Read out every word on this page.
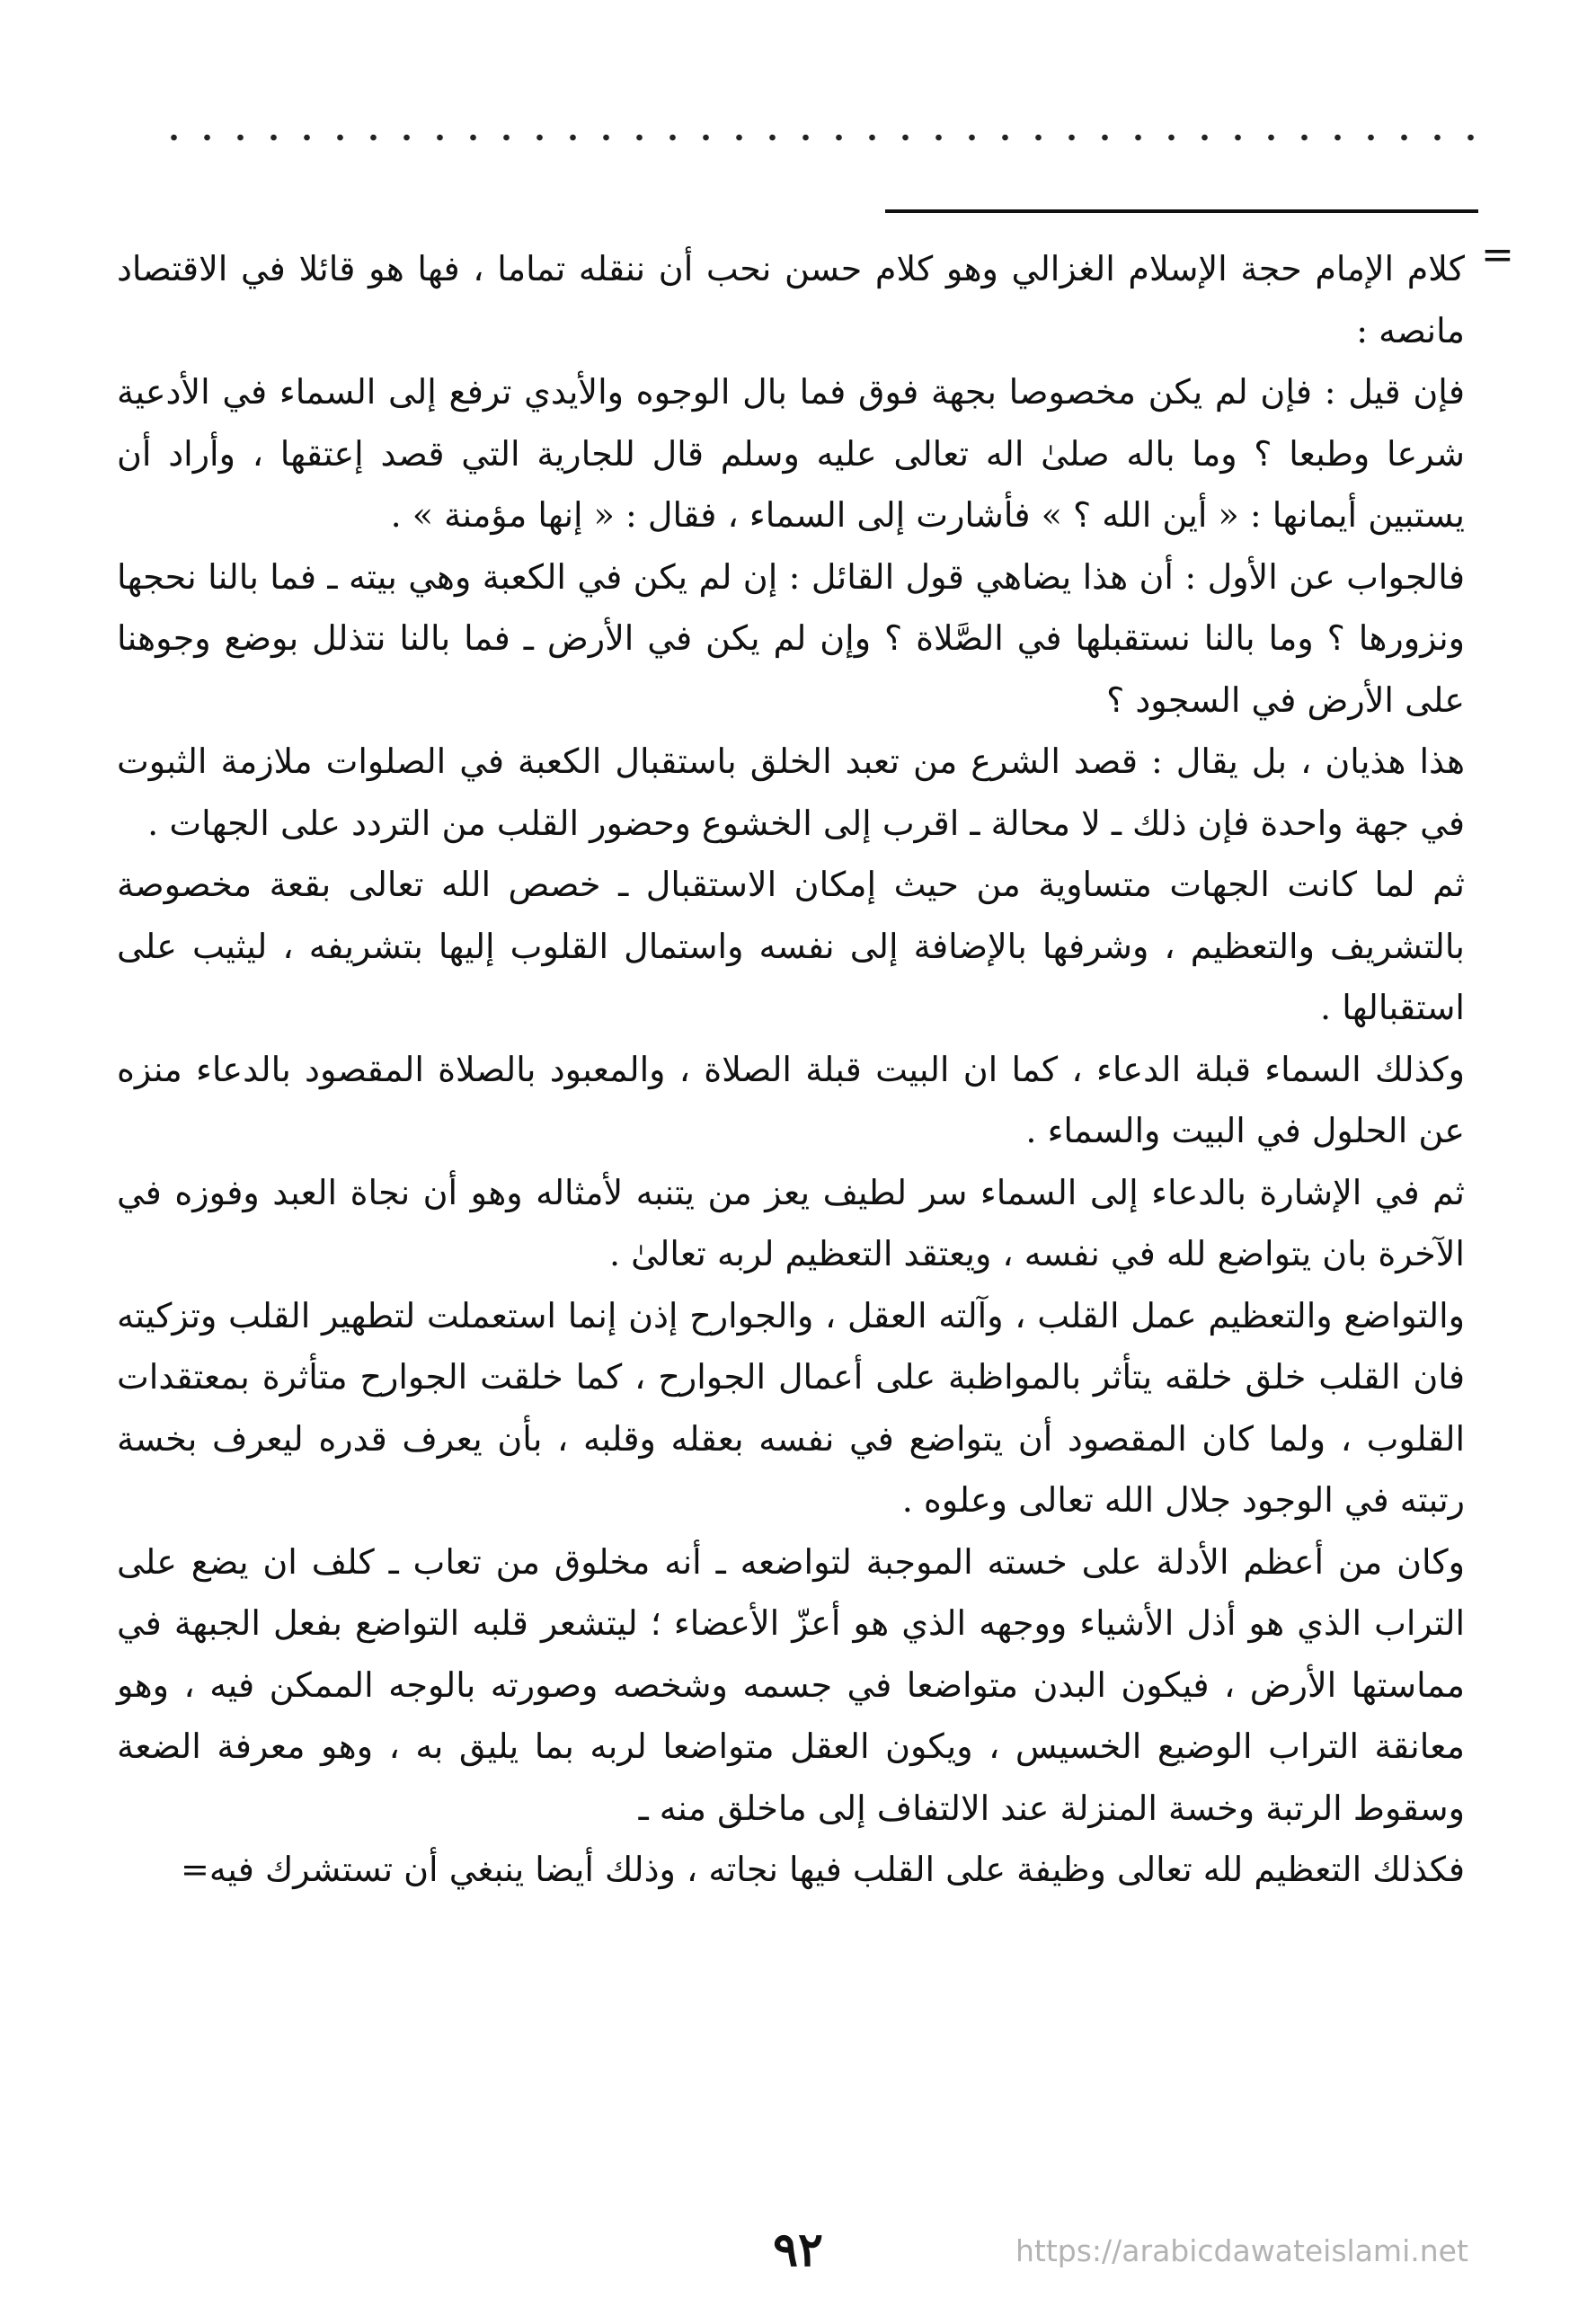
=

كلام الإمام حجة الإسلام الغزالي وهو كلام حسن نحب أن ننقله تماما ، فها هو قائلا في الاقتصاد مانصه :

فإن قيل : فإن لم يكن مخصوصا بجهة فوق فما بال الوجوه والأيدي ترفع إلى السماء في الأدعية شرعا وطبعا ؟ وما باله صلىٰ اله تعالى عليه وسلم قال للجارية التي قصد إعتقها ، وأراد أن يستبين أيمانها : « أين الله ؟ » فأشارت إلى السماء ، فقال : « إنها مؤمنة » .

فالجواب عن الأول : أن هذا يضاهي قول القائل : إن لم يكن في الكعبة وهي بيته ـ فما بالنا نحجها ونزورها ؟ وما بالنا نستقبلها في الصَّلاة ؟ وإن لم يكن في الأرض ـ فما بالنا نتذلل بوضع وجوهنا على الأرض في السجود ؟

هذا هذيان ، بل يقال : قصد الشرع من تعبد الخلق باستقبال الكعبة في الصلوات ملازمة الثبوت في جهة واحدة فإن ذلك ـ لا محالة ـ اقرب إلى الخشوع وحضور القلب من التردد على الجهات .

ثم لما كانت الجهات متساوية من حيث إمكان الاستقبال ـ خصص الله تعالى بقعة مخصوصة بالتشريف والتعظيم ، وشرفها بالإضافة إلى نفسه واستمال القلوب إليها بتشريفه ، ليثيب على استقبالها .

وكذلك السماء قبلة الدعاء ، كما ان البيت قبلة الصلاة ، والمعبود بالصلاة المقصود بالدعاء منزه عن الحلول في البيت والسماء .

ثم في الإشارة بالدعاء إلى السماء سر لطيف يعز من يتنبه لأمثاله وهو أن نجاة العبد وفوزه في الآخرة بان يتواضع لله في نفسه ، ويعتقد التعظيم لربه تعالىٰ .

والتواضع والتعظيم عمل القلب ، وآلته العقل ، والجوارح إذن إنما استعملت لتطهير القلب وتزكيته فان القلب خلق خلقه يتأثر بالمواظبة على أعمال الجوارح ، كما خلقت الجوارح متأثرة بمعتقدات القلوب ، ولما كان المقصود أن يتواضع في نفسه بعقله وقلبه ، بأن يعرف قدره ليعرف بخسة رتبته في الوجود جلال الله تعالى وعلوه .

وكان من أعظم الأدلة على خسته الموجبة لتواضعه ـ أنه مخلوق من تعاب ـ كلف ان يضع على التراب الذي هو أذل الأشياء ووجهه الذي هو أعزّ الأعضاء ؛ ليتشعر قلبه التواضع بفعل الجبهة في مماستها الأرض ، فيكون البدن متواضعا في جسمه وشخصه وصورته بالوجه الممكن فيه ، وهو معانقة التراب الوضيع الخسيس ، ويكون العقل متواضعا لربه بما يليق به ، وهو معرفة الضعة وسقوط الرتبة وخسة المنزلة عند الالتفاف إلى ماخلق منه ـ

فكذلك التعظيم لله تعالى وظيفة على القلب فيها نجاته ، وذلك أيضا ينبغي أن تستشرك فيه=

٩٢	https://arabicdawateislami.net
